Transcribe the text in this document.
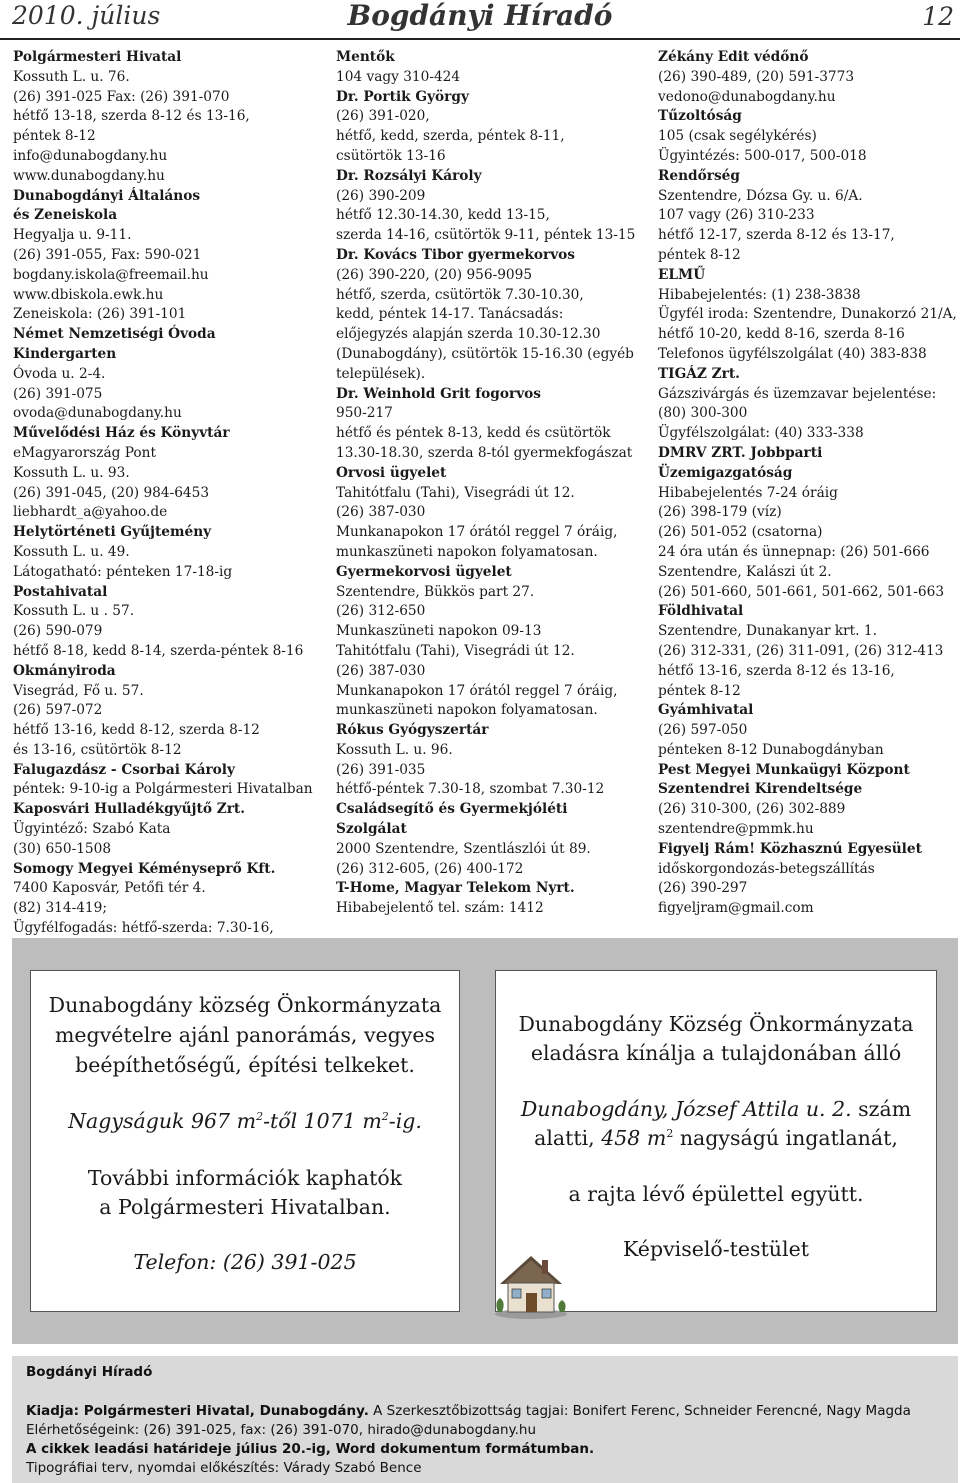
2010. július	Bogdányi Híradó	12
Polgármesteri Hivatal
Kossuth L. u. 76.
(26) 391-025 Fax: (26) 391-070
hétfő 13-18, szerda 8-12 és 13-16,
péntek 8-12
info@dunabogdany.hu
www.dunabogdany.hu
Dunabogdányi Általános
és Zeneiskola
Hegyalja u. 9-11.
(26) 391-055, Fax: 590-021
bogdany.iskola@freemail.hu
www.dbiskola.ewk.hu
Zeneiskola: (26) 391-101
Német Nemzetiségi Óvoda
Kindergarten
Óvoda u. 2-4.
(26) 391-075
ovoda@dunabogdany.hu
Művelődési Ház és Könyvtár
eMagyarország Pont
Kossuth L. u. 93.
(26) 391-045, (20) 984-6453
liebhardt_a@yahoo.de
Helytörténeti Gyűjtemény
Kossuth L. u. 49.
Látogatható: pénteken 17-18-ig
Postahivatal
Kossuth L. u . 57.
(26) 590-079
hétfő 8-18, kedd 8-14, szerda-péntek 8-16
Okmányiroda
Visegrád, Fő u. 57.
(26) 597-072
hétfő 13-16, kedd 8-12, szerda 8-12
és 13-16, csütörtök 8-12
Falugazdász - Csorbai Károly
péntek: 9-10-ig a Polgármesteri Hivatalban
Kaposvári Hulladékgyűjtő Zrt.
Ügyintéző: Szabó Kata
(30) 650-1508
Somogy Megyei Kéményseprő Kft.
7400 Kaposvár, Petőfi tér 4.
(82) 314-419;
Ügyfélfogadás: hétfő-szerda: 7.30-16,
Mentők
104 vagy 310-424
Dr. Portik György
(26) 391-020,
hétfő, kedd, szerda, péntek 8-11,
csütörtök 13-16
Dr. Rozsályi Károly
(26) 390-209
hétfő 12.30-14.30, kedd 13-15,
szerda 14-16, csütörtök 9-11, péntek 13-15
Dr. Kovács Tibor gyermekorvos
(26) 390-220, (20) 956-9095
hétfő, szerda, csütörtök 7.30-10.30,
kedd, péntek 14-17. Tanácsadás:
előjegyzés alapján szerda 10.30-12.30
(Dunabogdány), csütörtök 15-16.30 (egyéb
települések).
Dr. Weinhold Grit fogorvos
950-217
hétfő és péntek 8-13, kedd és csütörtök
13.30-18.30, szerda 8-tól gyermekfogászat
Orvosi ügyelet
Tahitótfalu (Tahi), Visegrádi út 12.
(26) 387-030
Munkanapokon 17 órától reggel 7 óráig,
munkaszüneti napokon folyamatosan.
Gyermekorvosi ügyelet
Szentendre, Bükkös part 27.
(26) 312-650
Munkaszüneti napokon 09-13
Tahitótfalu (Tahi), Visegrádi út 12.
(26) 387-030
Munkanapokon 17 órától reggel 7 óráig,
munkaszüneti napokon folyamatosan.
Rókus Gyógyszertár
Kossuth L. u. 96.
(26) 391-035
hétfő-péntek 7.30-18, szombat 7.30-12
Családsegítő és Gyermekjóléti
Szolgálat
2000 Szentendre, Szentlászlói út 89.
(26) 312-605, (26) 400-172
T-Home, Magyar Telekom Nyrt.
Hibabejelentő tel. szám: 1412
Zékány Edit védőnő
(26) 390-489, (20) 591-3773
vedono@dunabogdany.hu
Tűzoltóság
105 (csak segélykérés)
Ügyintézés: 500-017, 500-018
Rendőrség
Szentendre, Dózsa Gy. u. 6/A.
107 vagy (26) 310-233
hétfő 12-17, szerda 8-12 és 13-17,
péntek 8-12
ELMŰ
Hibabejelentés: (1) 238-3838
Ügyfél iroda: Szentendre, Dunakorzó 21/A,
hétfő 10-20, kedd 8-16, szerda 8-16
Telefonos ügyfélszolgálat (40) 383-838
TIGÁZ Zrt.
Gázszivárgás és üzemzavar bejelentése:
(80) 300-300
Ügyfélszolgálat: (40) 333-338
DMRV ZRT. Jobbparti
Üzemigazgatóság
Hibabejelentés 7-24 óráig
(26) 398-179 (víz)
(26) 501-052 (csatorna)
24 óra után és ünnepnap: (26) 501-666
Szentendre, Kalászi út 2.
(26) 501-660, 501-661, 501-662, 501-663
Földhivatal
Szentendre, Dunakanyar krt. 1.
(26) 312-331, (26) 311-091, (26) 312-413
hétfő 13-16, szerda 8-12 és 13-16,
péntek 8-12
Gyámhivatal
(26) 597-050
pénteken 8-12 Dunabogdányban
Pest Megyei Munkaügyi Központ
Szentendrei Kirendeltsége
(26) 310-300, (26) 302-889
szentendre@pmmk.hu
Figyelj Rám! Közhasznú Egyesület
időskorgondozás-betegszállítás
(26) 390-297
figyeljram@gmail.com
Dunabogdány község Önkormányzata
megvételre ajánl panorámás, vegyes
beépíthetőségű, építési telkeket.
Nagyságuk 967 $m^2$-től 1071 $m^2-ig$.
További információk kaphatók
a Polgármesteri Hivatalban.
Telefon: (26) 391-025
Dunabogdány Község Önkormányzata
eladásra kínálja a tulajdonában álló
Dunabogdány, József Attila u. 2. szám
alatti, 458 $m^2$ nagyságú ingatlanát,
a rajta lévő épülettel együtt.
Képviselő-testület
Bogdányi Híradó
Kiadja: Polgármesteri Hivatal, Dunabogdány. A Szerkesztőbizottság tagjai: Bonifert Ferenc, Schneider Ferencné, Nagy Magda
Elérhetőségeink: (26) 391-025, fax: (26) 391-070, hirado@dunabogdany.hu
A cikkek leadási határideje július 20.-ig, Word dokumentum formátumban.
Tipográfiai terv, nyomdai előkészítés: Várady Szabó Bence
